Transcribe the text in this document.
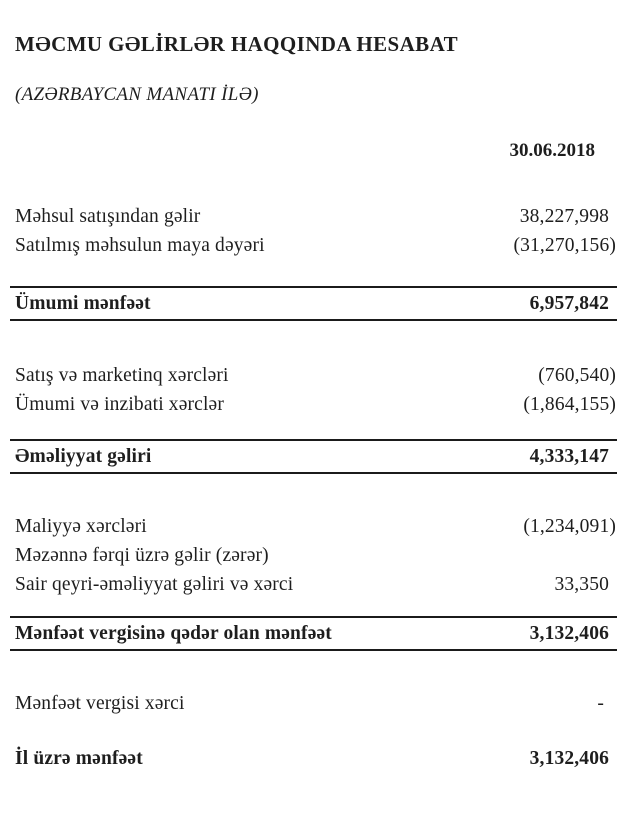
MƏCMU GƏLİRLƏR HAQQINDA HESABAT
(AZƏRBAYCAN MANATI İLƏ)
30.06.2018
Məhsul satışından gəlir	38,227,998
Satılmış məhsulun maya dəyəri	(31,270,156)
Ümumi mənfəət	6,957,842
Satış və marketinq xərcləri	(760,540)
Ümumi və inzibati xərclər	(1,864,155)
Əməliyyat gəliri	4,333,147
Maliyyə xərcləri	(1,234,091)
Məzənnə fərqi üzrə gəlir (zərər)
Sair qeyri-əməliyyat gəliri və xərci	33,350
Mənfəət vergisinə qədər olan mənfəət	3,132,406
Mənfəət vergisi xərci	-
İl üzrə mənfəət	3,132,406
